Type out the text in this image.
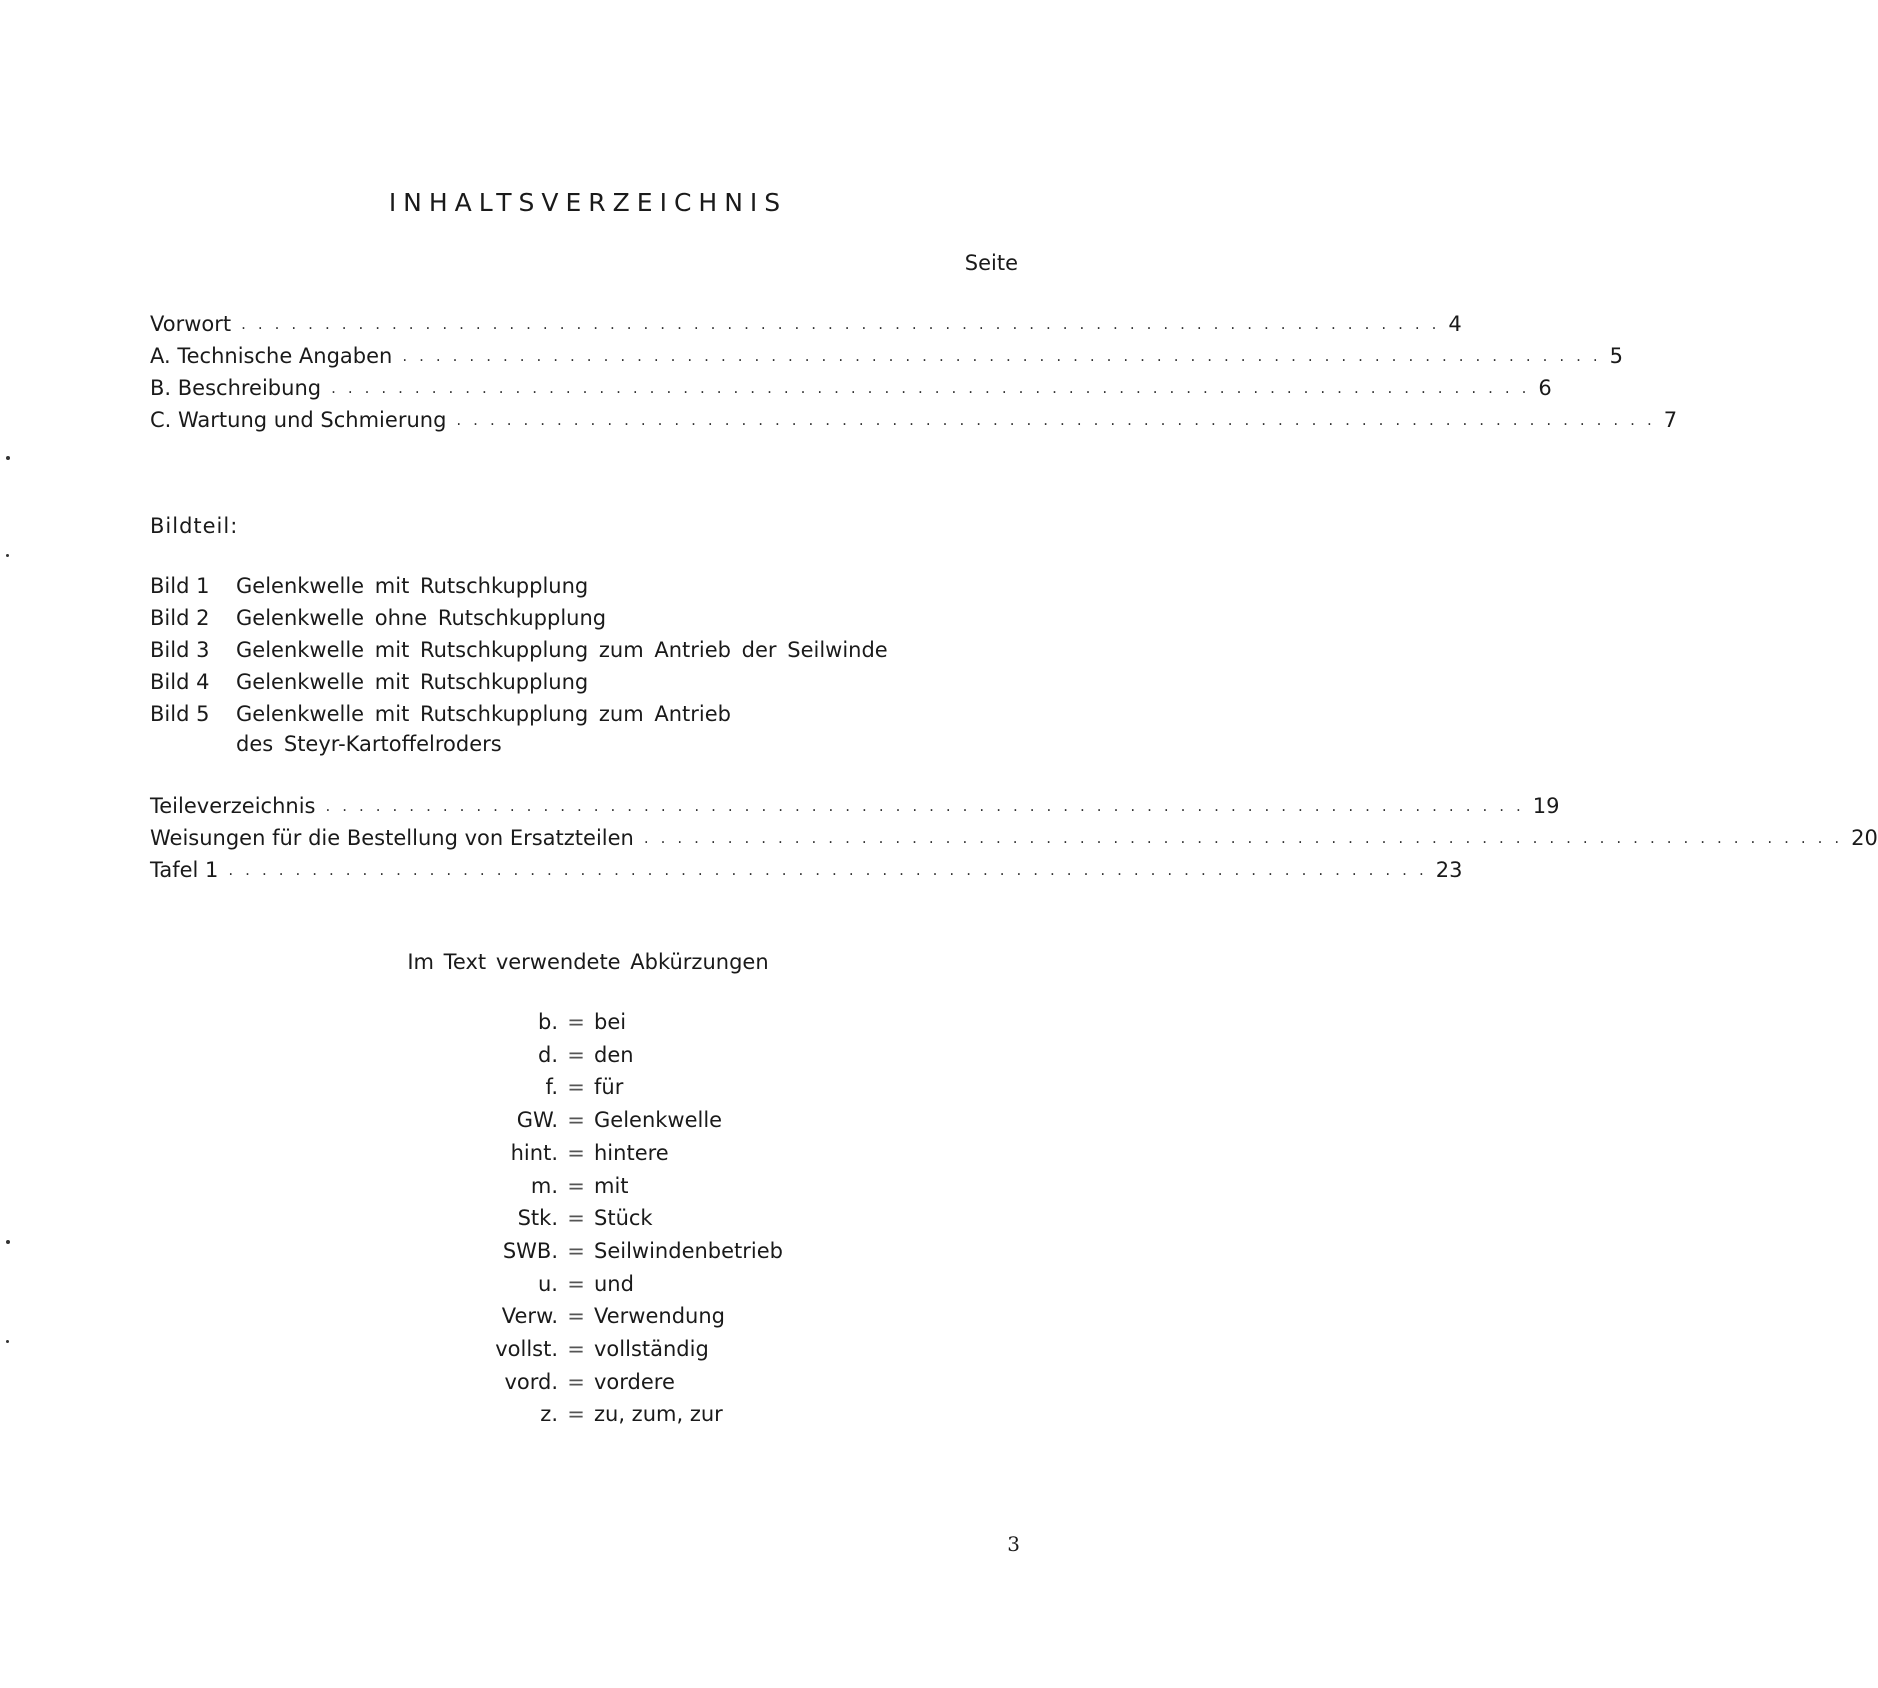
INHALTSVERZEICHNIS
Seite
Vorwort ........................................................................ 4
A. Technische Angaben ........................................................................ 5
B. Beschreibung ........................................................................ 6
C. Wartung und Schmierung ........................................................................ 7
Bildteil:
Bild 1	Gelenkwelle mit Rutschkupplung
Bild 2	Gelenkwelle ohne Rutschkupplung
Bild 3	Gelenkwelle mit Rutschkupplung zum Antrieb der Seilwinde
Bild 4	Gelenkwelle mit Rutschkupplung
Bild 5	Gelenkwelle mit Rutschkupplung zum Antrieb
des Steyr-Kartoffelroders
Teileverzeichnis ........................................................................ 19
Weisungen für die Bestellung von Ersatzteilen ........................................................................ 20
Tafel 1 ........................................................................ 23
Im Text verwendete Abkürzungen
b. = bei
d. = den
f. = für
GW. = Gelenkwelle
hint. = hintere
m. = mit
Stk. = Stück
SWB. = Seilwindenbetrieb
u. = und
Verw. = Verwendung
vollst. = vollständig
vord. = vordere
z. = zu, zum, zur
3
